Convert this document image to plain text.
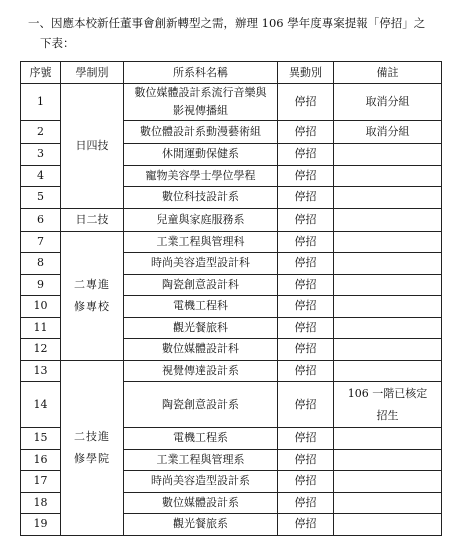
一、因應本校新任董事會創新轉型之需，辦理 106 學年度專案提報「停招」之
下表：
序號	學制別	所系科名稱	異動別	備註
1	日四技	數位媒體設計系流行音樂與影視傳播組	停招	取消分組
2		數位體設計系動漫藝術組	停招	取消分組
3		休閒運動保健系	停招	
4		寵物美容學士學位學程	停招	
5		數位科技設計系	停招	
6	日二技	兒童與家庭服務系	停招	
7	二專進修專校	工業工程與管理科	停招	
8		時尚美容造型設計科	停招	
9		陶瓷創意設計科	停招	
10		電機工程科	停招	
11		觀光餐旅科	停招	
12		數位媒體設計科	停招	
13	二技進修學院	視覺傳達設計系	停招	
14		陶瓷創意設計系	停招	106 一階已核定招生
15		電機工程系	停招	
16		工業工程與管理系	停招	
17		時尚美容造型設計系	停招	
18		數位媒體設計系	停招	
19		觀光餐旅系	停招	
